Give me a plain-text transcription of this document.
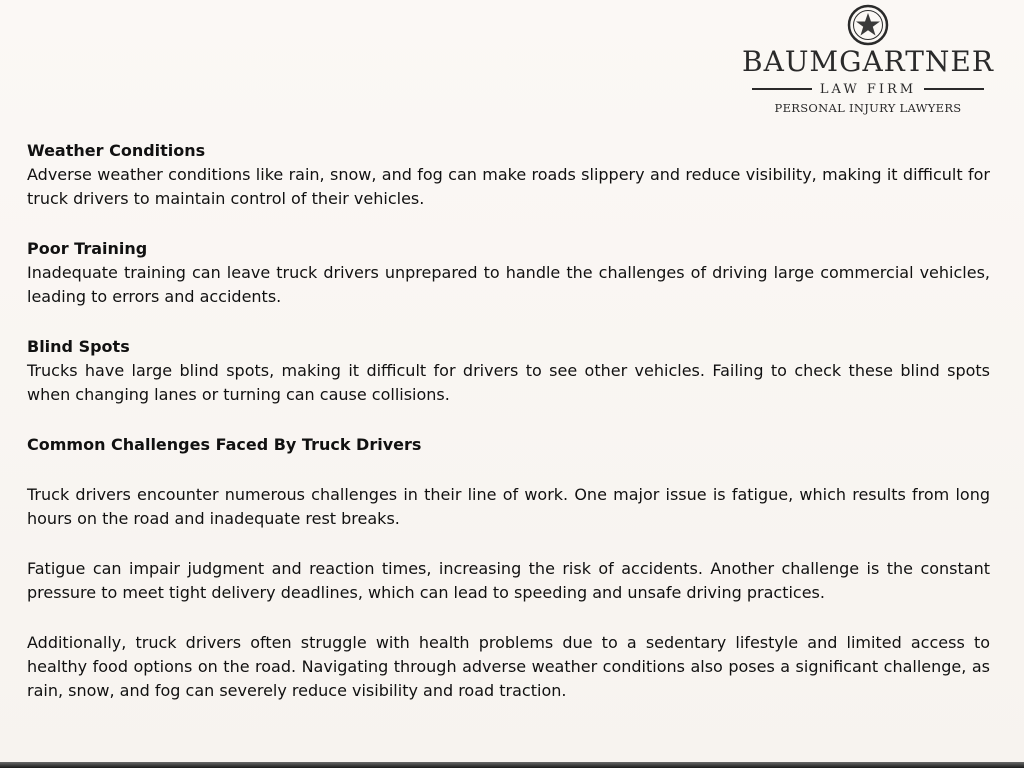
BAUMGARTNER
LAW FIRM
PERSONAL INJURY LAWYERS

Weather Conditions

Adverse weather conditions like rain, snow, and fog can make roads slippery and reduce visibility, making it difficult for truck drivers to maintain control of their vehicles.

Poor Training

Inadequate training can leave truck drivers unprepared to handle the challenges of driving large commercial vehicles, leading to errors and accidents.

Blind Spots

Trucks have large blind spots, making it difficult for drivers to see other vehicles. Failing to check these blind spots when changing lanes or turning can cause collisions.

Common Challenges Faced By Truck Drivers

Truck drivers encounter numerous challenges in their line of work. One major issue is fatigue, which results from long hours on the road and inadequate rest breaks.

Fatigue can impair judgment and reaction times, increasing the risk of accidents. Another challenge is the constant pressure to meet tight delivery deadlines, which can lead to speeding and unsafe driving practices.

Additionally, truck drivers often struggle with health problems due to a sedentary lifestyle and limited access to healthy food options on the road. Navigating through adverse weather conditions also poses a significant challenge, as rain, snow, and fog can severely reduce visibility and road traction.
